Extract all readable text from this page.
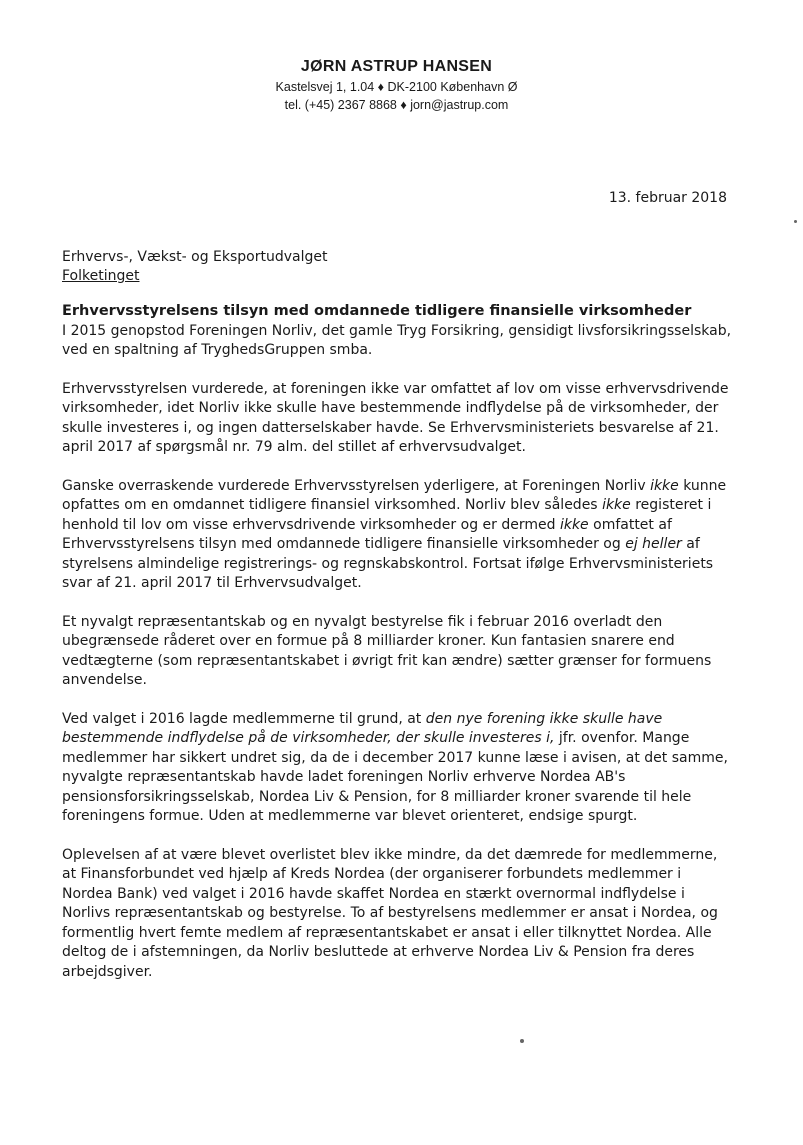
JØRN ASTRUP HANSEN
Kastelsvej 1, 1.04 ♦ DK-2100 København Ø
tel. (+45) 2367 8868 ♦ jorn@jastrup.com
13. februar 2018
Erhvervs-, Vækst- og Eksportudvalget
Folketinget
Erhvervsstyrelsens tilsyn med omdannede tidligere finansielle virksomheder

I 2015 genopstod Foreningen Norliv, det gamle Tryg Forsikring, gensidigt livsforsikringsselskab, ved en spaltning af TryghedsGruppen smba.

Erhvervsstyrelsen vurderede, at foreningen ikke var omfattet af lov om visse erhvervsdrivende virksomheder, idet Norliv ikke skulle have bestemmende indflydelse på de virksomheder, der skulle investeres i, og ingen datterselskaber havde. Se Erhvervsministeriets besvarelse af 21. april 2017 af spørgsmål nr. 79 alm. del stillet af erhvervsudvalget.

Ganske overraskende vurderede Erhvervsstyrelsen yderligere, at Foreningen Norliv ikke kunne opfattes om en omdannet tidligere finansiel virksomhed. Norliv blev således ikke registeret i henhold til lov om visse erhvervsdrivende virksomheder og er dermed ikke omfattet af Erhvervsstyrelsens tilsyn med omdannede tidligere finansielle virksomheder og ej heller af styrelsens almindelige registrerings- og regnskabskontrol. Fortsat ifølge Erhvervsministeriets svar af 21. april 2017 til Erhvervsudvalget.

Et nyvalgt repræsentantskab og en nyvalgt bestyrelse fik i februar 2016 overladt den ubegrænsede råderet over en formue på 8 milliarder kroner. Kun fantasien snarere end vedtægterne (som repræsentantskabet i øvrigt frit kan ændre) sætter grænser for formuens anvendelse.

Ved valget i 2016 lagde medlemmerne til grund, at den nye forening ikke skulle have bestemmende indflydelse på de virksomheder, der skulle investeres i, jfr. ovenfor. Mange medlemmer har sikkert undret sig, da de i december 2017 kunne læse i avisen, at det samme, nyvalgte repræsentantskab havde ladet foreningen Norliv erhverve Nordea AB's pensionsforsikringsselskab, Nordea Liv & Pension, for 8 milliarder kroner svarende til hele foreningens formue. Uden at medlemmerne var blevet orienteret, endsige spurgt.

Oplevelsen af at være blevet overlistet blev ikke mindre, da det dæmrede for medlemmerne, at Finansforbundet ved hjælp af Kreds Nordea (der organiserer forbundets medlemmer i Nordea Bank) ved valget i 2016 havde skaffet Nordea en stærkt overnormal indflydelse i Norlivs repræsentantskab og bestyrelse. To af bestyrelsens medlemmer er ansat i Nordea, og formentlig hvert femte medlem af repræsentantskabet er ansat i eller tilknyttet Nordea. Alle deltog de i afstemningen, da Norliv besluttede at erhverve Nordea Liv & Pension fra deres arbejdsgiver.
